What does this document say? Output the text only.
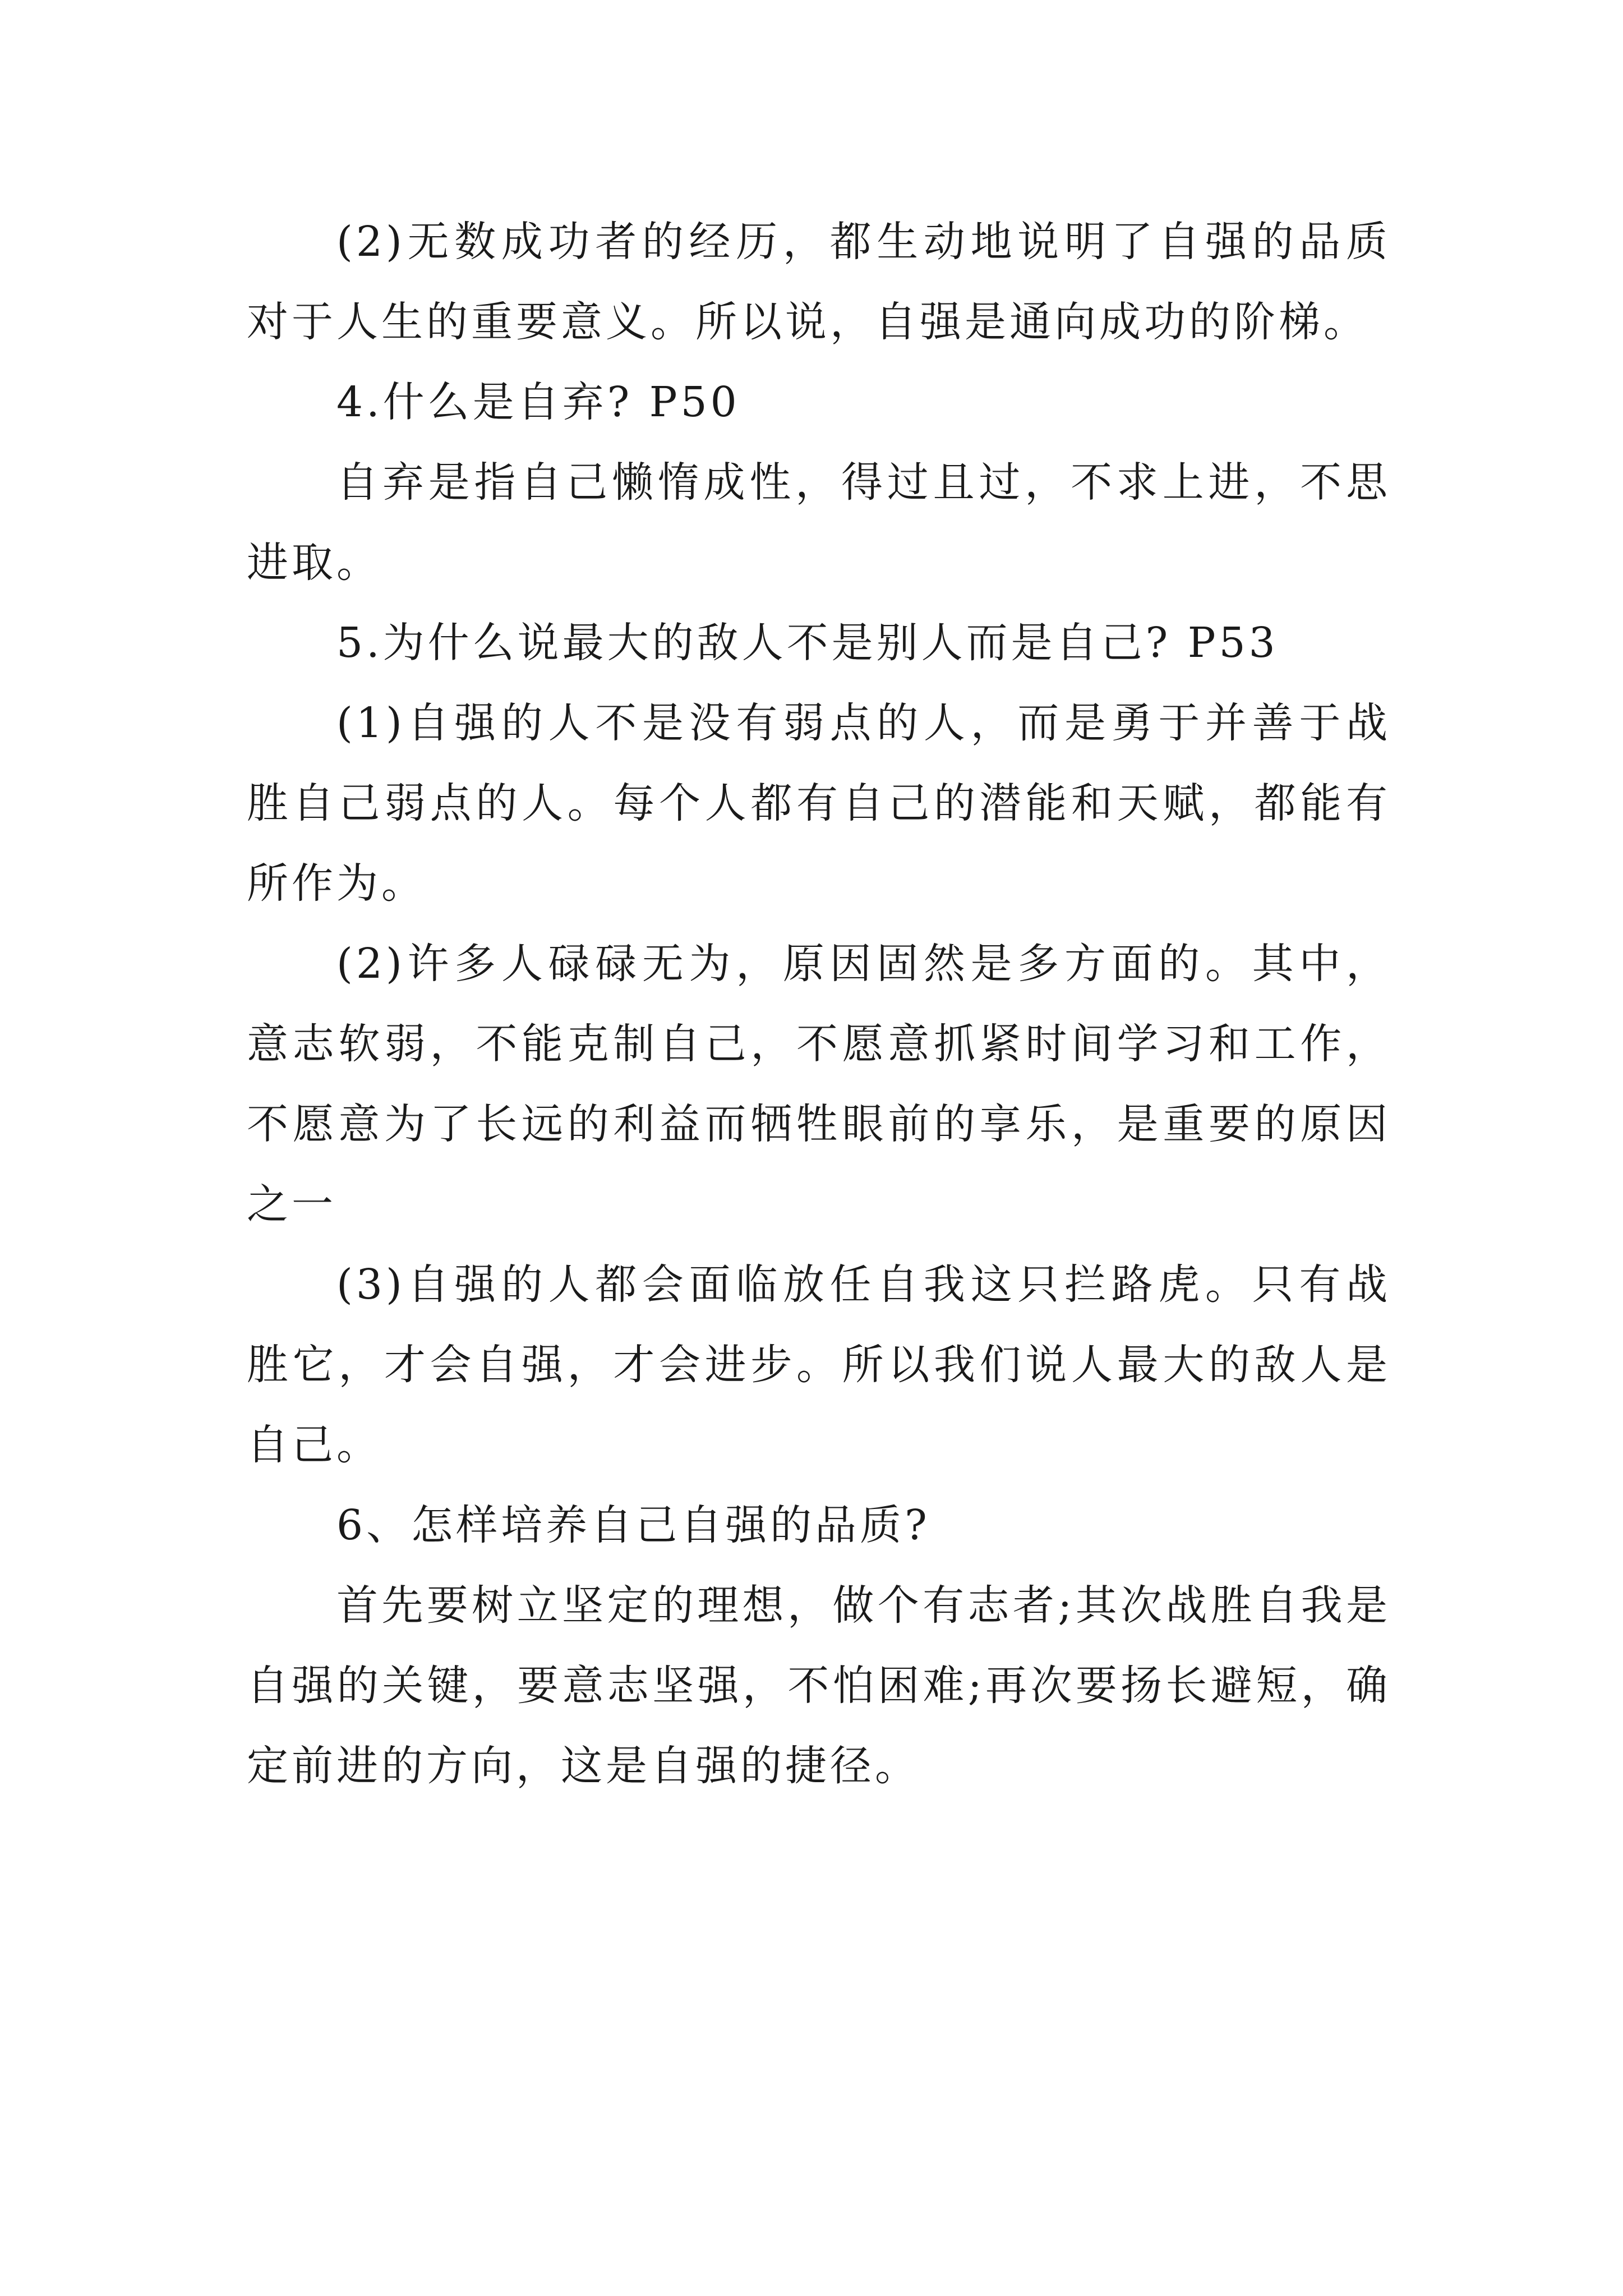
(2)无数成功者的经历，都生动地说明了自强的品质对于人生的重要意义。所以说，自强是通向成功的阶梯。

4.什么是自弃? P50

自弃是指自己懒惰成性，得过且过，不求上进，不思进取。

5.为什么说最大的敌人不是别人而是自己? P53

(1)自强的人不是没有弱点的人，而是勇于并善于战胜自己弱点的人。每个人都有自己的潜能和天赋，都能有所作为。

(2)许多人碌碌无为，原因固然是多方面的。其中，意志软弱，不能克制自己，不愿意抓紧时间学习和工作，不愿意为了长远的利益而牺牲眼前的享乐，是重要的原因之一

(3)自强的人都会面临放任自我这只拦路虎。只有战胜它，才会自强，才会进步。所以我们说人最大的敌人是自己。

6、怎样培养自己自强的品质?

首先要树立坚定的理想，做个有志者;其次战胜自我是自强的关键，要意志坚强，不怕困难;再次要扬长避短，确定前进的方向，这是自强的捷径。
